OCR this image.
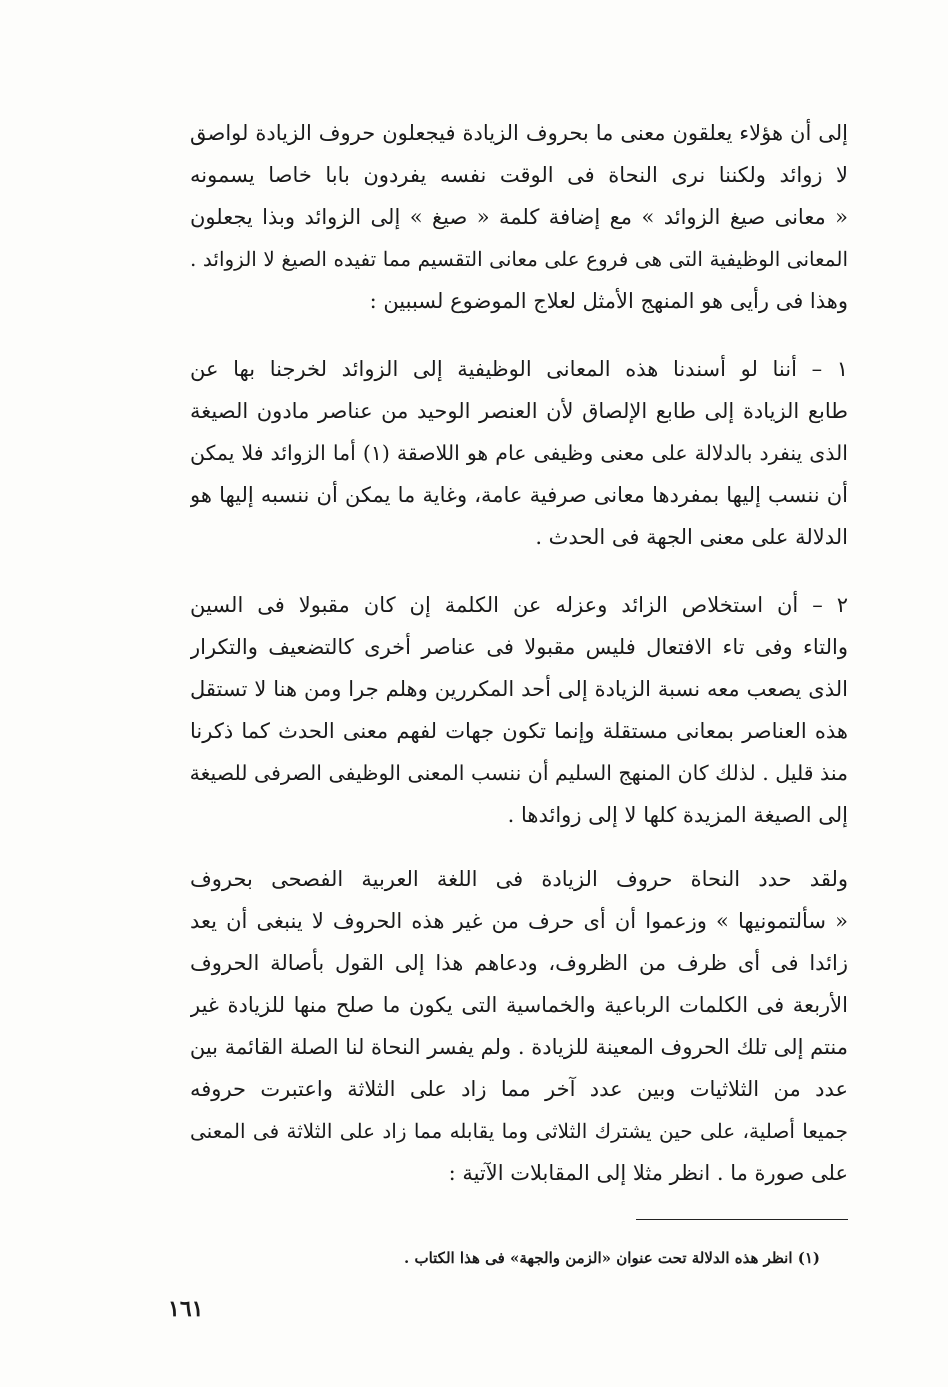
إلى أن هؤلاء يعلقون معنى ما بحروف الزيادة فيجعلون حروف الزيادة لواصق
لا زوائد ولكننا نرى النحاة فى الوقت نفسه يفردون بابا خاصا يسمونه
« معانى صيغ الزوائد » مع إضافة كلمة « صيغ » إلى الزوائد وبذا يجعلون
المعانى الوظيفية التى هى فروع على معانى التقسيم مما تفيده الصيغ لا الزوائد .
وهذا فى رأيى هو المنهج الأمثل لعلاج الموضوع لسببين :
١ – أننا لو أسندنا هذه المعانى الوظيفية إلى الزوائد لخرجنا بها عن
طابع الزيادة إلى طابع الإلصاق لأن العنصر الوحيد من عناصر مادون الصيغة
الذى ينفرد بالدلالة على معنى وظيفى عام هو اللاصقة (١) أما الزوائد فلا يمكن
أن ننسب إليها بمفردها معانى صرفية عامة، وغاية ما يمكن أن ننسبه إليها هو
الدلالة على معنى الجهة فى الحدث .
٢ – أن استخلاص الزائد وعزله عن الكلمة إن كان مقبولا فى السين
والتاء وفى تاء الافتعال فليس مقبولا فى عناصر أخرى كالتضعيف والتكرار
الذى يصعب معه نسبة الزيادة إلى أحد المكررين وهلم جرا ومن هنا لا تستقل
هذه العناصر بمعانى مستقلة وإنما تكون جهات لفهم معنى الحدث كما ذكرنا
منذ قليل . لذلك كان المنهج السليم أن ننسب المعنى الوظيفى الصرفى للصيغة
إلى الصيغة المزيدة كلها لا إلى زوائدها .
ولقد حدد النحاة حروف الزيادة فى اللغة العربية الفصحى بحروف
« سألتمونيها » وزعموا أن أى حرف من غير هذه الحروف لا ينبغى أن يعد
زائدا فى أى ظرف من الظروف، ودعاهم هذا إلى القول بأصالة الحروف
الأربعة فى الكلمات الرباعية والخماسية التى يكون ما صلح منها للزيادة غير
منتم إلى تلك الحروف المعينة للزيادة . ولم يفسر النحاة لنا الصلة القائمة بين
عدد من الثلاثيات وبين عدد آخر مما زاد على الثلاثة واعتبرت حروفه
جميعا أصلية، على حين يشترك الثلاثى وما يقابله مما زاد على الثلاثة فى المعنى
على صورة ما . انظر مثلا إلى المقابلات الآتية :
(١) انظر هذه الدلالة تحت عنوان «الزمن والجهة» فى هذا الكتاب .
١٦١
